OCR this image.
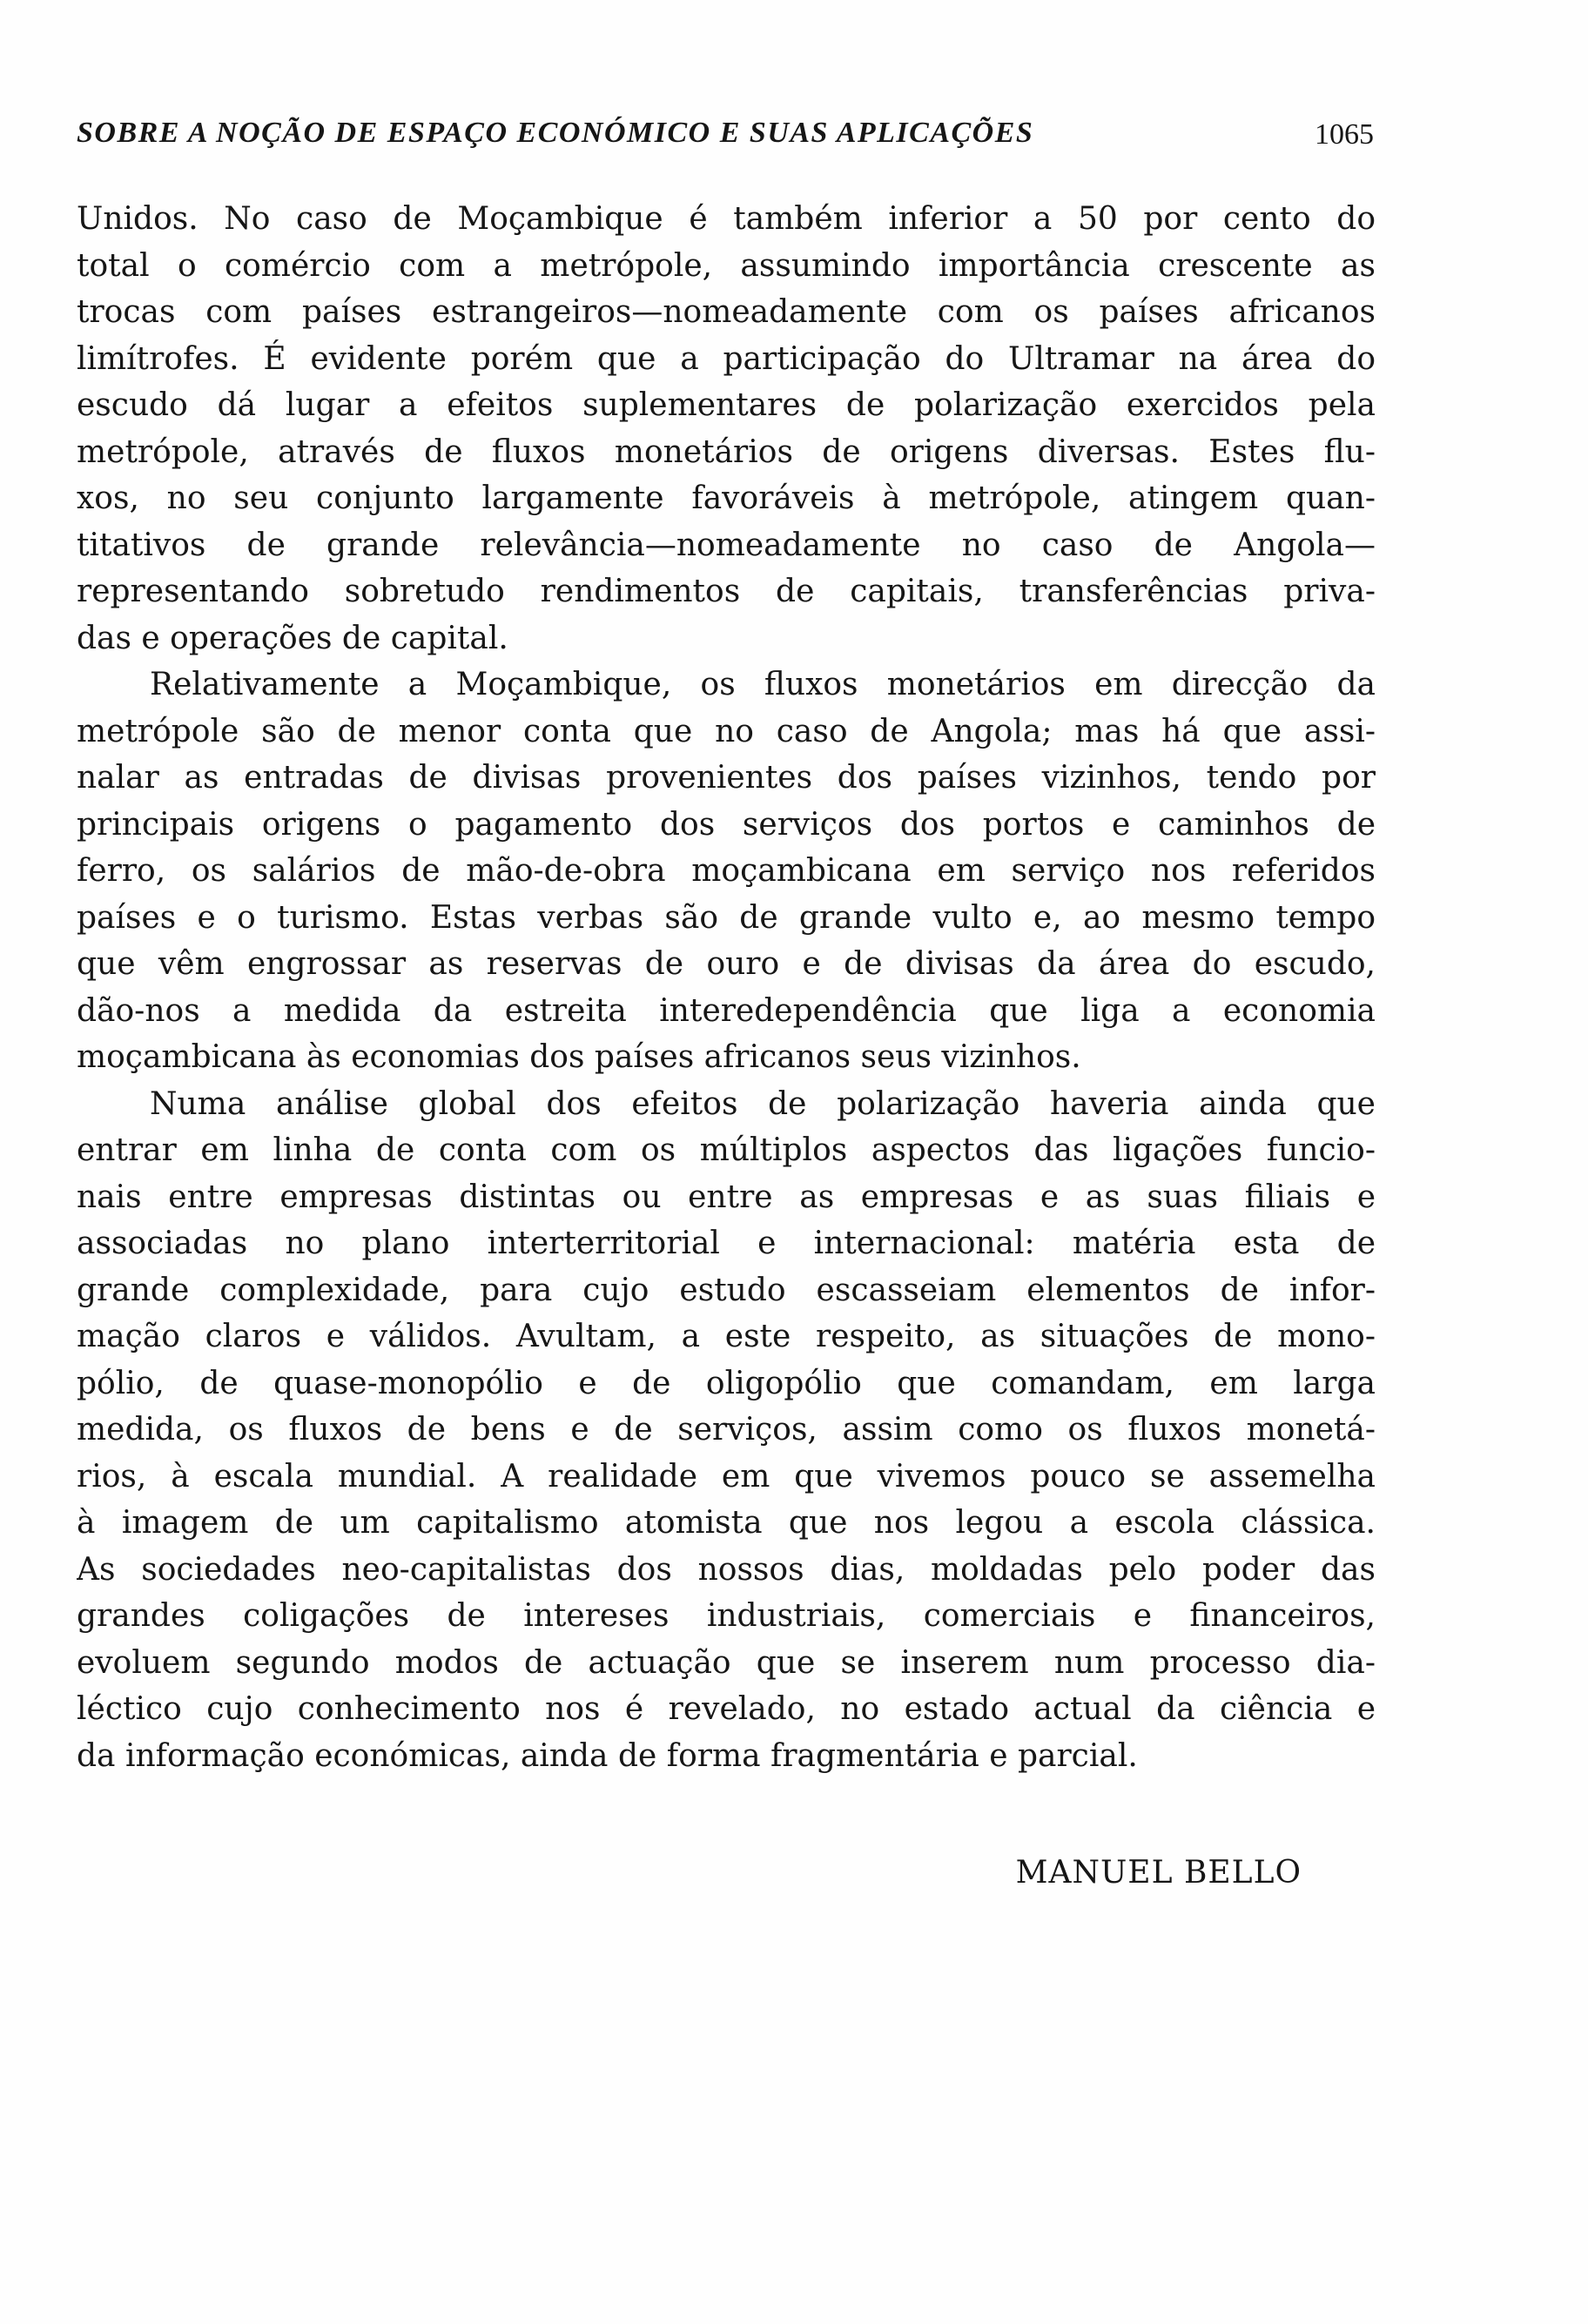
SOBRE A NOÇÃO DE ESPAÇO ECONÓMICO E SUAS APLICAÇÕES	1065
Unidos. No caso de Moçambique é também inferior a 50 por cento do
total o comércio com a metrópole, assumindo importância crescente as
trocas com países estrangeiros—nomeadamente com os países africanos
limítrofes. É evidente porém que a participação do Ultramar na área do
escudo dá lugar a efeitos suplementares de polarização exercidos pela
metrópole, através de fluxos monetários de origens diversas. Estes flu-
xos, no seu conjunto largamente favoráveis à metrópole, atingem quan-
titativos de grande relevância—nomeadamente no caso de Angola—
representando sobretudo rendimentos de capitais, transferências priva-
das e operações de capital.
Relativamente a Moçambique, os fluxos monetários em direcção da
metrópole são de menor conta que no caso de Angola; mas há que assi-
nalar as entradas de divisas provenientes dos países vizinhos, tendo por
principais origens o pagamento dos serviços dos portos e caminhos de
ferro, os salários de mão-de-obra moçambicana em serviço nos referidos
países e o turismo. Estas verbas são de grande vulto e, ao mesmo tempo
que vêm engrossar as reservas de ouro e de divisas da área do escudo,
dão-nos a medida da estreita interedependência que liga a economia
moçambicana às economias dos países africanos seus vizinhos.
Numa análise global dos efeitos de polarização haveria ainda que
entrar em linha de conta com os múltiplos aspectos das ligações funcio-
nais entre empresas distintas ou entre as empresas e as suas filiais e
associadas no plano interterritorial e internacional: matéria esta de
grande complexidade, para cujo estudo escasseiam elementos de infor-
mação claros e válidos. Avultam, a este respeito, as situações de mono-
pólio, de quase-monopólio e de oligopólio que comandam, em larga
medida, os fluxos de bens e de serviços, assim como os fluxos monetá-
rios, à escala mundial. A realidade em que vivemos pouco se assemelha
à imagem de um capitalismo atomista que nos legou a escola clássica.
As sociedades neo-capitalistas dos nossos dias, moldadas pelo poder das
grandes coligações de intereses industriais, comerciais e financeiros,
evoluem segundo modos de actuação que se inserem num processo dia-
léctico cujo conhecimento nos é revelado, no estado actual da ciência e
da informação económicas, ainda de forma fragmentária e parcial.
MANUEL BELLO
